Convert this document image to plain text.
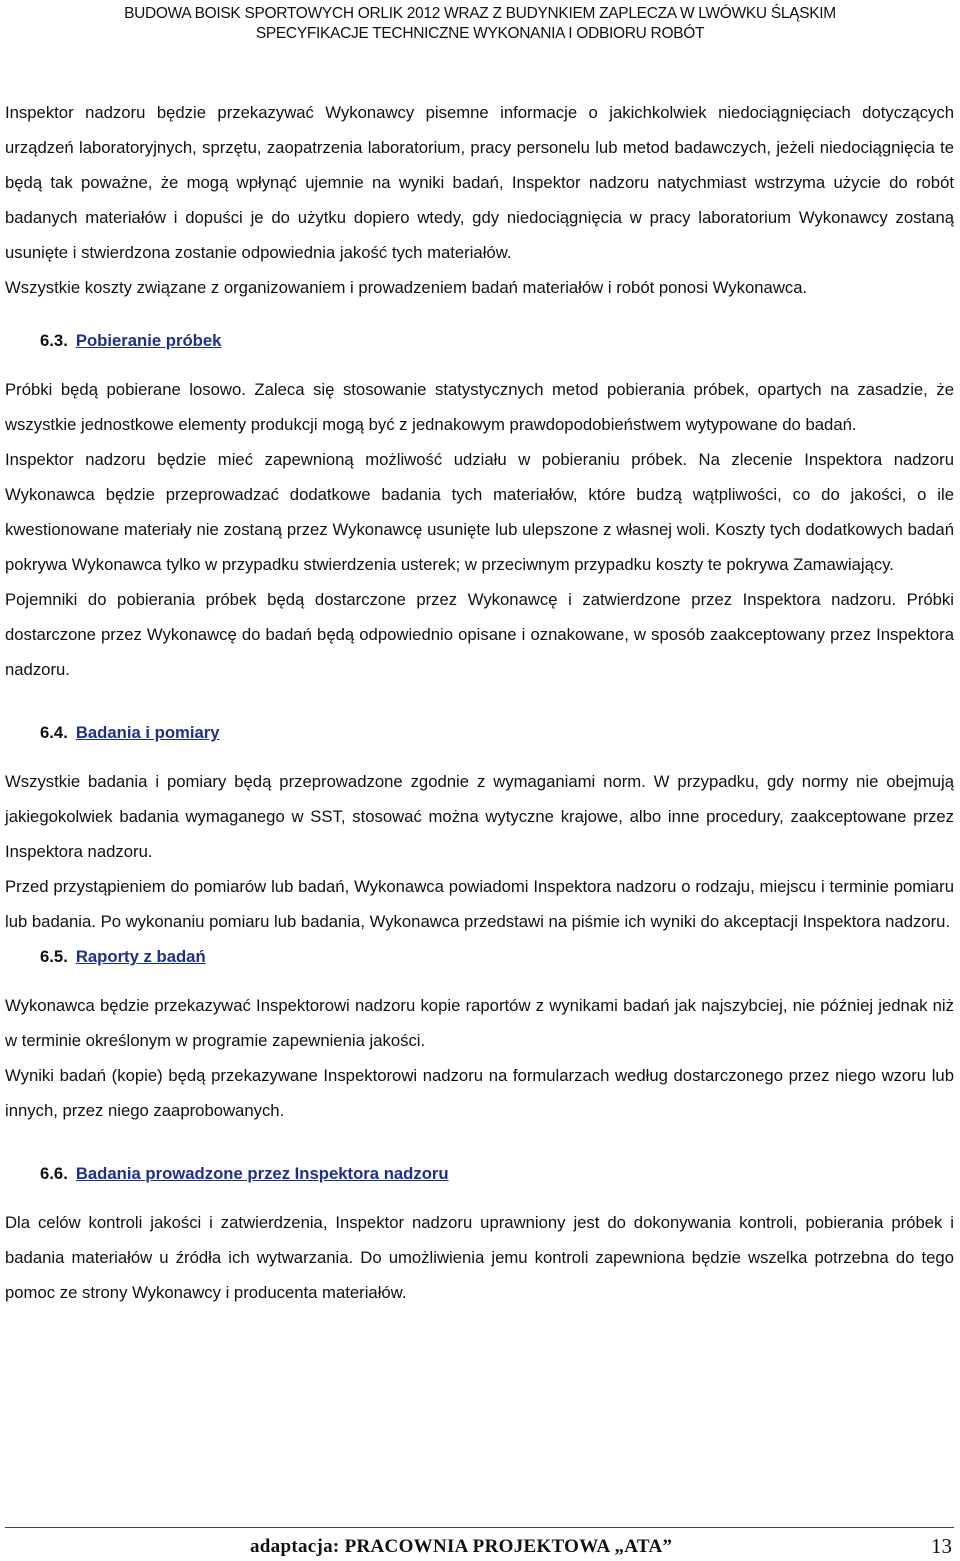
BUDOWA BOISK SPORTOWYCH ORLIK 2012 WRAZ Z BUDYNKIEM ZAPLECZA W LWÓWKU ŚLĄSKIM
SPECYFIKACJE TECHNICZNE WYKONANIA I ODBIORU ROBÓT

Inspektor nadzoru będzie przekazywać Wykonawcy pisemne informacje o jakichkolwiek niedociągnięciach dotyczących urządzeń laboratoryjnych, sprzętu, zaopatrzenia laboratorium, pracy personelu lub metod badawczych, jeżeli niedociągnięcia te będą tak poważne, że mogą wpłynąć ujemnie na wyniki badań, Inspektor nadzoru natychmiast wstrzyma użycie do robót badanych materiałów i dopuści je do użytku dopiero wtedy, gdy niedociągnięcia w pracy laboratorium Wykonawcy zostaną usunięte i stwierdzona zostanie odpowiednia jakość tych materiałów.

Wszystkie koszty związane z organizowaniem i prowadzeniem badań materiałów i robót ponosi Wykonawca.

6.3. Pobieranie próbek

Próbki będą pobierane losowo. Zaleca się stosowanie statystycznych metod pobierania próbek, opartych na zasadzie, że wszystkie jednostkowe elementy produkcji mogą być z jednakowym prawdopodobieństwem wytypowane do badań.

Inspektor nadzoru będzie mieć zapewnioną możliwość udziału w pobieraniu próbek. Na zlecenie Inspektora nadzoru Wykonawca będzie przeprowadzać dodatkowe badania tych materiałów, które budzą wątpliwości, co do jakości, o ile kwestionowane materiały nie zostaną przez Wykonawcę usunięte lub ulepszone z własnej woli. Koszty tych dodatkowych badań pokrywa Wykonawca tylko w przypadku stwierdzenia usterek; w przeciwnym przypadku koszty te pokrywa Zamawiający.

Pojemniki do pobierania próbek będą dostarczone przez Wykonawcę i zatwierdzone przez Inspektora nadzoru. Próbki dostarczone przez Wykonawcę do badań będą odpowiednio opisane i oznakowane, w sposób zaakceptowany przez Inspektora nadzoru.

6.4. Badania i pomiary

Wszystkie badania i pomiary będą przeprowadzone zgodnie z wymaganiami norm. W przypadku, gdy normy nie obejmują jakiegokolwiek badania wymaganego w SST, stosować można wytyczne krajowe, albo inne procedury, zaakceptowane przez Inspektora nadzoru.

Przed przystąpieniem do pomiarów lub badań, Wykonawca powiadomi Inspektora nadzoru o rodzaju, miejscu i terminie pomiaru lub badania. Po wykonaniu pomiaru lub badania, Wykonawca przedstawi na piśmie ich wyniki do akceptacji Inspektora nadzoru.

6.5. Raporty z badań

Wykonawca będzie przekazywać Inspektorowi nadzoru kopie raportów z wynikami badań jak najszybciej, nie później jednak niż w terminie określonym w programie zapewnienia jakości.

Wyniki badań (kopie) będą przekazywane Inspektorowi nadzoru na formularzach według dostarczonego przez niego wzoru lub innych, przez niego zaaprobowanych.

6.6. Badania prowadzone przez Inspektora nadzoru

Dla celów kontroli jakości i zatwierdzenia, Inspektor nadzoru uprawniony jest do dokonywania kontroli, pobierania próbek i badania materiałów u źródła ich wytwarzania. Do umożliwienia jemu kontroli zapewniona będzie wszelka potrzebna do tego pomoc ze strony Wykonawcy i producenta materiałów.

adaptacja: PRACOWNIA PROJEKTOWA „ATA”	13
